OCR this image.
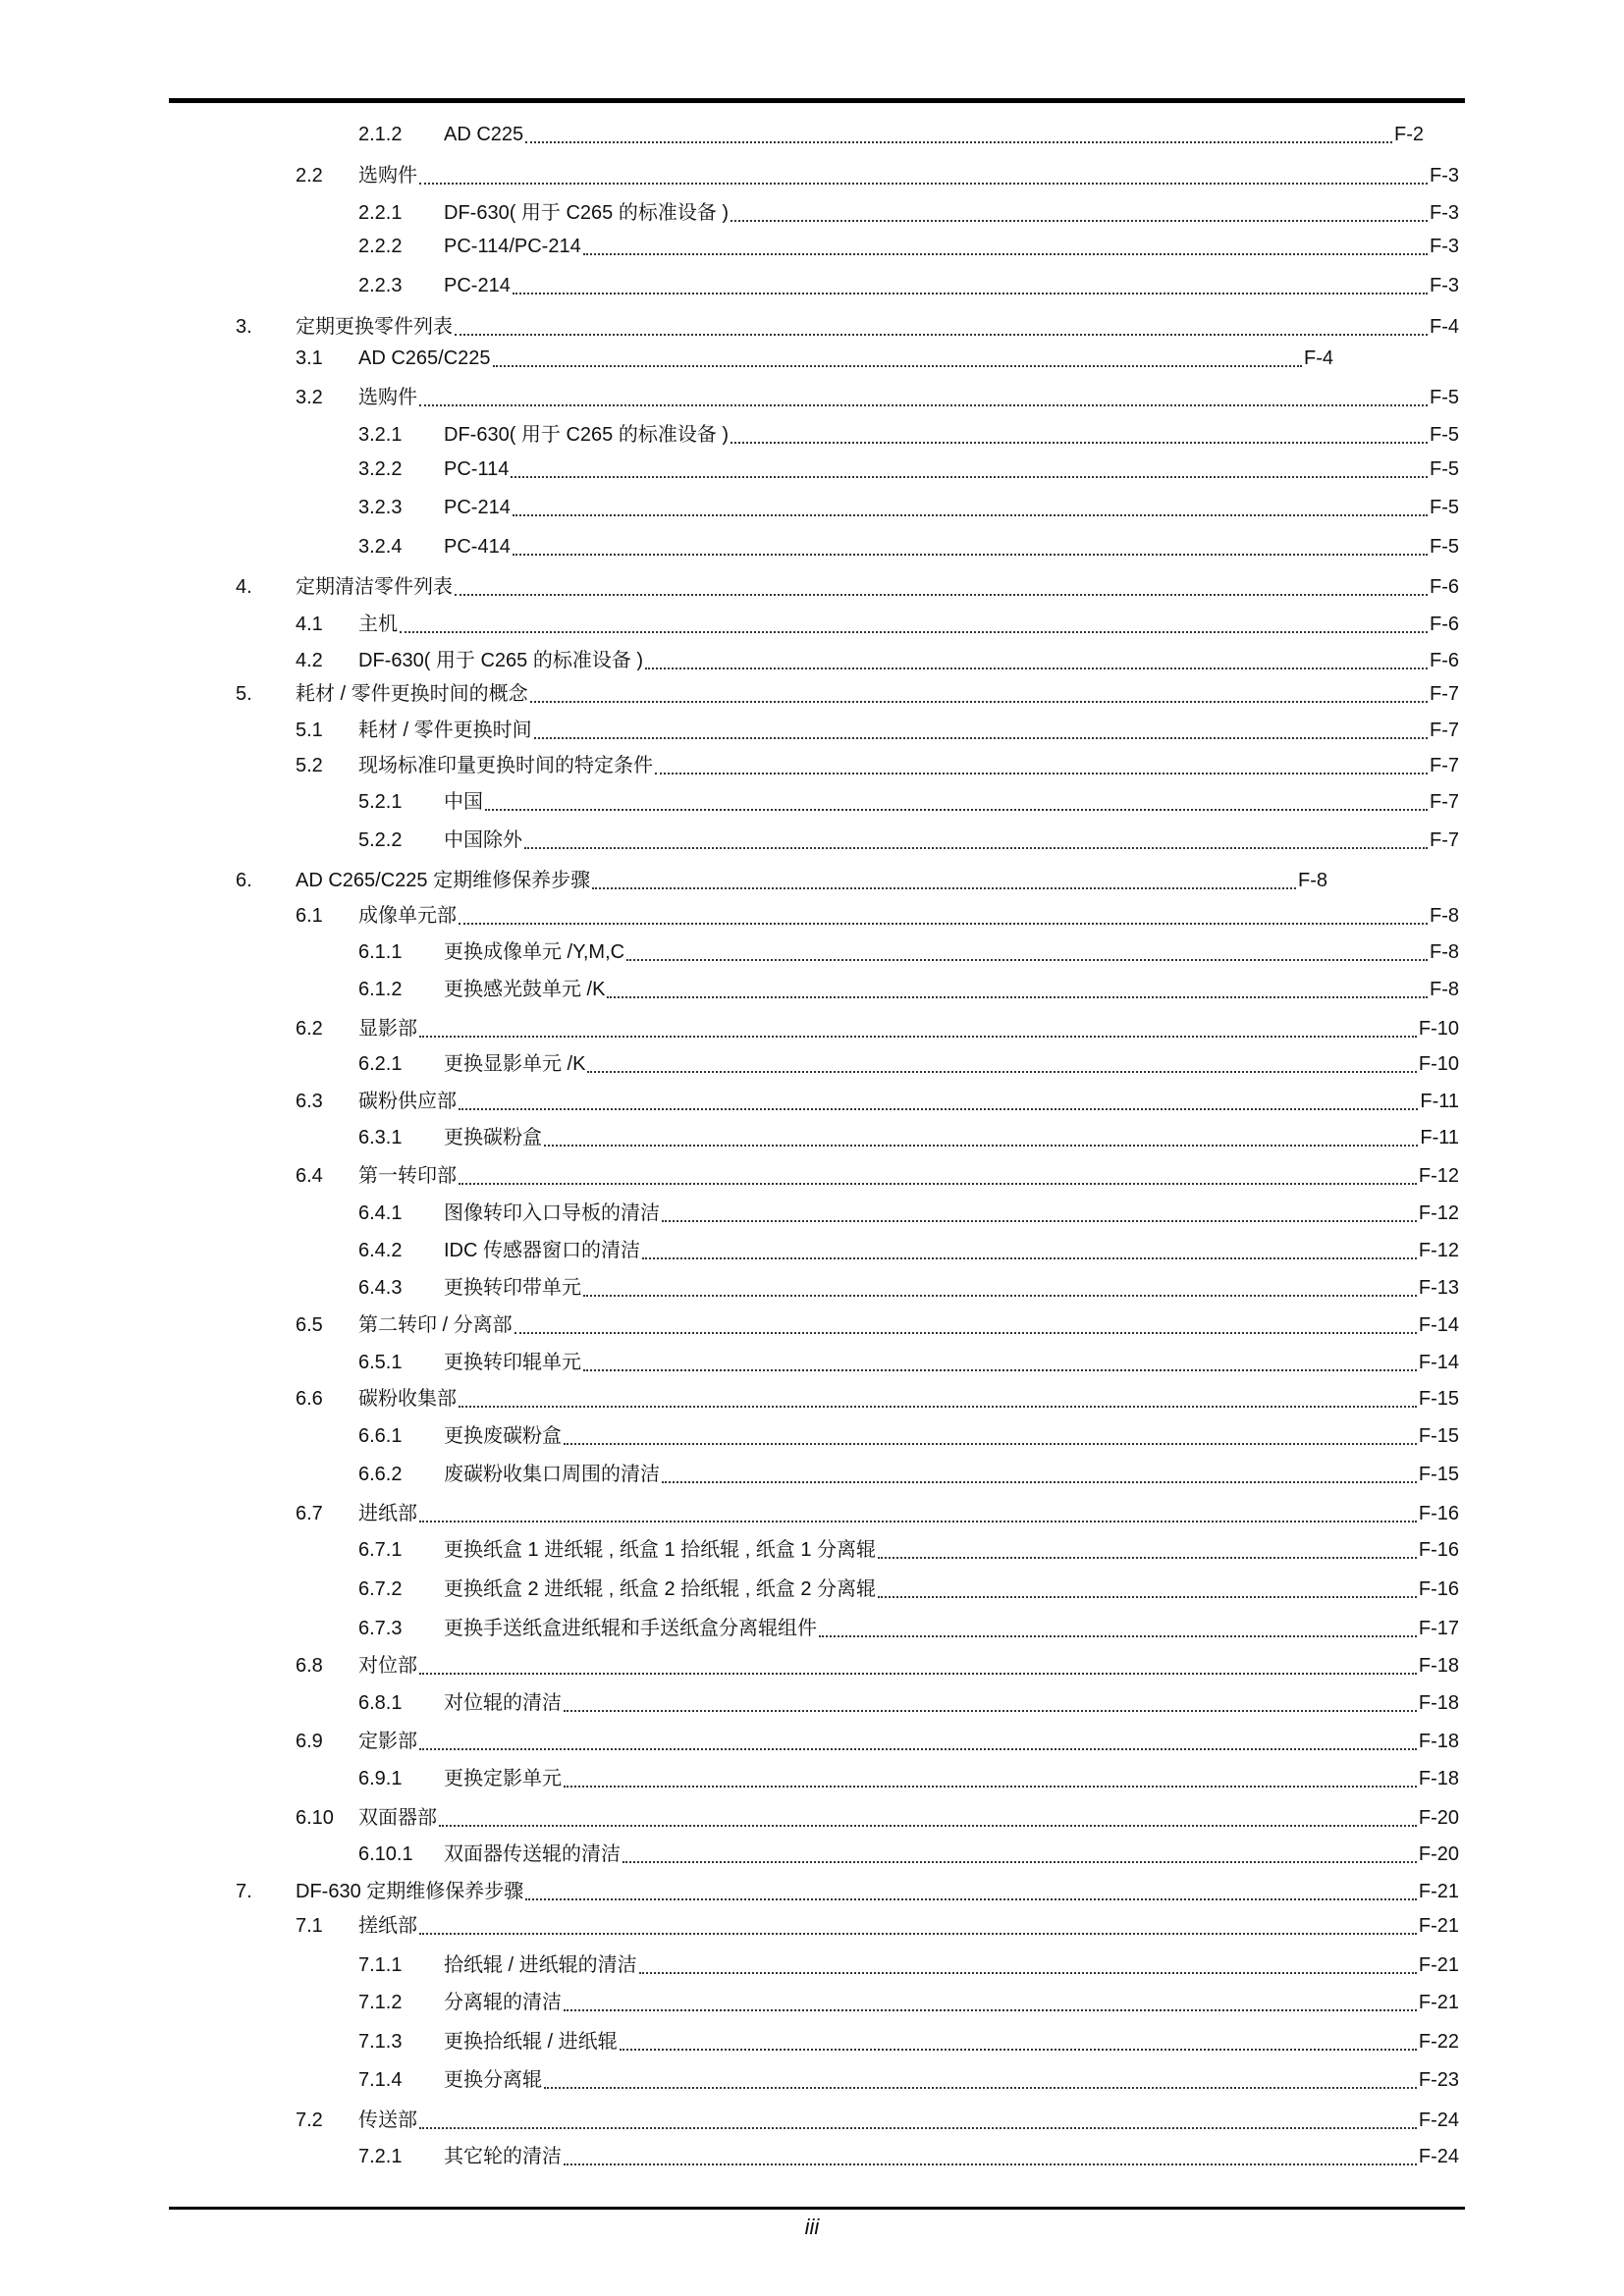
2.1.2 AD C225	F-2
2.2 选购件	F-3
2.2.1 DF-630( 用于 C265 的标准设备 )	F-3
2.2.2 PC-114/PC-214	F-3
2.2.3 PC-214	F-3
3. 定期更换零件列表	F-4
3.1 AD C265/C225	F-4
3.2 选购件	F-5
3.2.1 DF-630( 用于 C265 的标准设备 )	F-5
3.2.2 PC-114	F-5
3.2.3 PC-214	F-5
3.2.4 PC-414	F-5
4. 定期清洁零件列表	F-6
4.1 主机	F-6
4.2 DF-630( 用于 C265 的标准设备 )	F-6
5. 耗材 / 零件更换时间的概念	F-7
5.1 耗材 / 零件更换时间	F-7
5.2 现场标准印量更换时间的特定条件	F-7
5.2.1 中国	F-7
5.2.2 中国除外	F-7
6. AD C265/C225 定期维修保养步骤	F-8
6.1 成像单元部	F-8
6.1.1 更换成像单元 /Y,M,C	F-8
6.1.2 更换感光鼓单元 /K	F-8
6.2 显影部	F-10
6.2.1 更换显影单元 /K	F-10
6.3 碳粉供应部	F-11
6.3.1 更换碳粉盒	F-11
6.4 第一转印部	F-12
6.4.1 图像转印入口导板的清洁	F-12
6.4.2 IDC 传感器窗口的清洁	F-12
6.4.3 更换转印带单元	F-13
6.5 第二转印 / 分离部	F-14
6.5.1 更换转印辊单元	F-14
6.6 碳粉收集部	F-15
6.6.1 更换废碳粉盒	F-15
6.6.2 废碳粉收集口周围的清洁	F-15
6.7 进纸部	F-16
6.7.1 更换纸盒 1 进纸辊 , 纸盒 1 拾纸辊 , 纸盒 1 分离辊	F-16
6.7.2 更换纸盒 2 进纸辊 , 纸盒 2 拾纸辊 , 纸盒 2 分离辊	F-16
6.7.3 更换手送纸盒进纸辊和手送纸盒分离辊组件	F-17
6.8 对位部	F-18
6.8.1 对位辊的清洁	F-18
6.9 定影部	F-18
6.9.1 更换定影单元	F-18
6.10 双面器部	F-20
6.10.1 双面器传送辊的清洁	F-20
7. DF-630 定期维修保养步骤	F-21
7.1 搓纸部	F-21
7.1.1 拾纸辊 / 进纸辊的清洁	F-21
7.1.2 分离辊的清洁	F-21
7.1.3 更换拾纸辊 / 进纸辊	F-22
7.1.4 更换分离辊	F-23
7.2 传送部	F-24
7.2.1 其它轮的清洁	F-24
iii
